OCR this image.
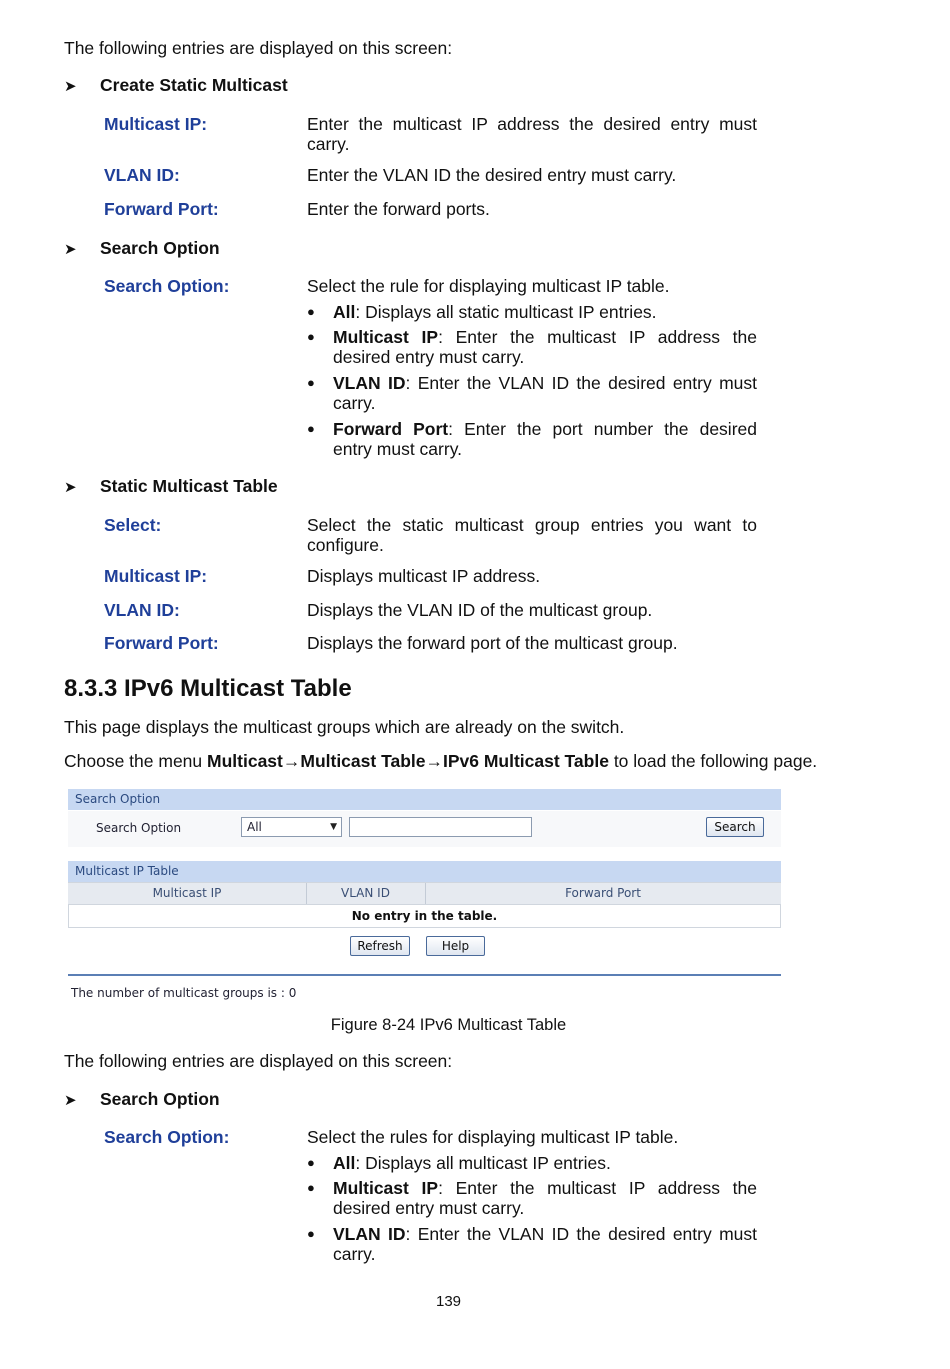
The following entries are displayed on this screen:
➤ Create Static Multicast
Multicast IP:	Enter the multicast IP address the desired entry must carry.
VLAN ID:	Enter the VLAN ID the desired entry must carry.
Forward Port:	Enter the forward ports.
➤ Search Option
Search Option:	Select the rule for displaying multicast IP table.
●	All: Displays all static multicast IP entries.
●	Multicast IP: Enter the multicast IP address the desired entry must carry.
●	VLAN ID: Enter the VLAN ID the desired entry must carry.
●	Forward Port: Enter the port number the desired entry must carry.
➤ Static Multicast Table
Select:	Select the static multicast group entries you want to configure.
Multicast IP:	Displays multicast IP address.
VLAN ID:	Displays the VLAN ID of the multicast group.
Forward Port:	Displays the forward port of the multicast group.
8.3.3 IPv6 Multicast Table
This page displays the multicast groups which are already on the switch.
Choose the menu Multicast→Multicast Table→IPv6 Multicast Table to load the following page.
Search Option
Search Option	All	▼	Search
Multicast IP Table
Multicast IP	VLAN ID	Forward Port
No entry in the table.
Refresh	Help
The number of multicast groups is : 0
Figure 8-24 IPv6 Multicast Table
The following entries are displayed on this screen:
➤ Search Option
Search Option:	Select the rules for displaying multicast IP table.
●	All: Displays all multicast IP entries.
●	Multicast IP: Enter the multicast IP address the desired entry must carry.
●	VLAN ID: Enter the VLAN ID the desired entry must carry.
139
